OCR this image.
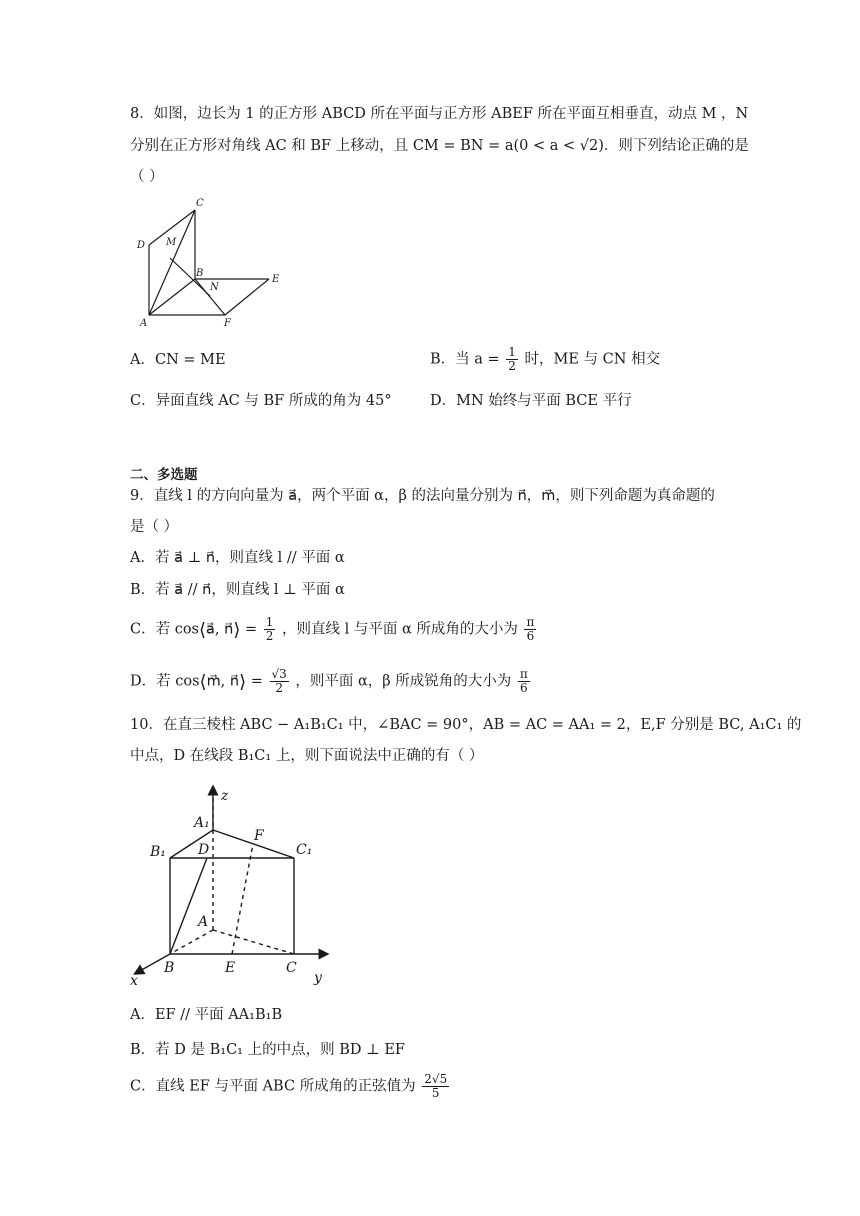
8．如图，边长为 1 的正方形 ABCD 所在平面与正方形 ABEF 所在平面互相垂直，动点 M ，N
分别在正方形对角线 AC 和 BF 上移动，且 CM = BN = a(0 < a < √2)．则下列结论正确的是
（ ）
C
D M
B
E
N
A	F
A．CN = ME	B．当 $a = \frac{1}{2}$ 时，ME 与 CN 相交
C．异面直线 AC 与 BF 所成的角为 45°	D．MN 始终与平面 BCE 平行
二、多选题
9．直线 l 的方向向量为 a⃗，两个平面 α，β 的法向量分别为 n⃗，m⃗，则下列命题为真命题的
是（ ）
A．若 a⃗ ⊥ n⃗，则直线 l // 平面 α
B．若 a⃗ // n⃗，则直线 l ⊥ 平面 α
C．若 cos⟨a⃗, n⃗⟩ = $\frac{1}{2}$ ，则直线 l 与平面 α 所成角的大小为 $\frac{\pi}{6}$
D．若 cos⟨m⃗, n⃗⟩ = $\frac{√3}{2}$ ，则平面 α，β 所成锐角的大小为 $\frac{\pi}{6}$
10．在直三棱柱 ABC − A₁B₁C₁ 中，∠BAC = 90°，AB = AC = AA₁ = 2，E,F 分别是 BC, A₁C₁ 的
中点，D 在线段 B₁C₁ 上，则下面说法中正确的有（ ）
z
A₁
F
B₁ D	C₁
A
B	E	C
x	y
A．EF // 平面 AA₁B₁B
B．若 D 是 B₁C₁ 上的中点，则 BD ⊥ EF
C．直线 EF 与平面 ABC 所成角的正弦值为 $\frac{2√5}{5}$
